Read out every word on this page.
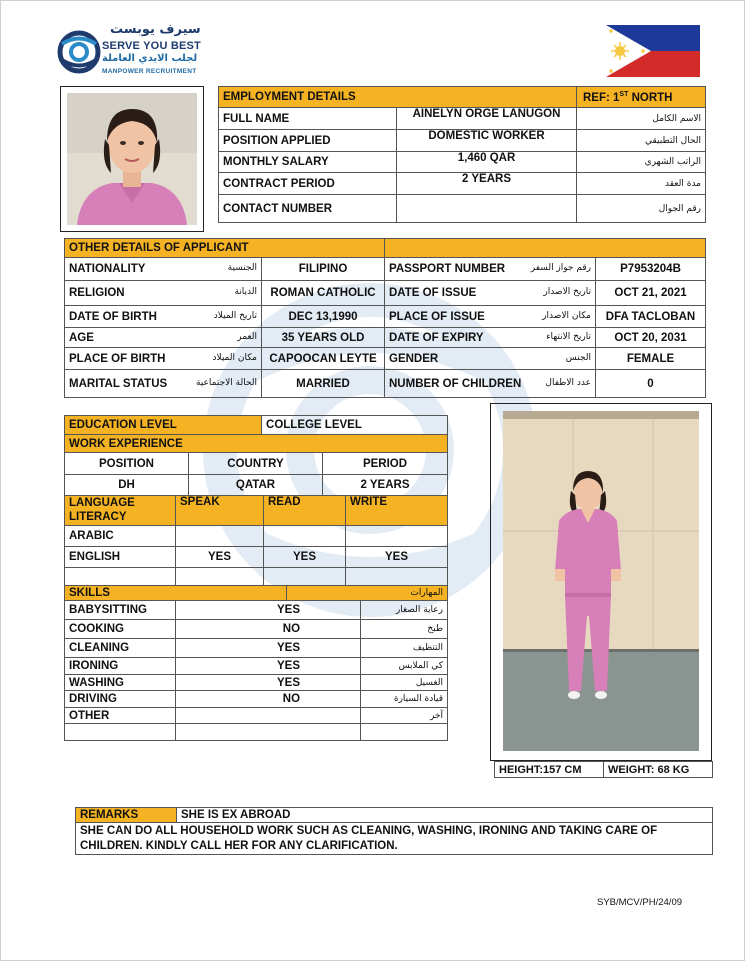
سيرف يوبست
SERVE YOU BEST
لجلب الايدي العاملة
MANPOWER RECRUITMENT
EMPLOYMENT DETAILS		REF: 1ST NORTH
FULL NAME	AINELYN ORGE LANUGON	الاسم الكامل
POSITION APPLIED	DOMESTIC WORKER	الحال التطبيقي
MONTHLY SALARY	1,460 QAR	الراتب الشهري
CONTRACT PERIOD	2 YEARS	مدة العقد
CONTACT NUMBER		رقم الجوال
OTHER DETAILS OF APPLICANT			
NATIONALITY الجنسية	FILIPINO	PASSPORT NUMBER رقم جواز السفر	P7953204B
RELIGION الديانة	ROMAN CATHOLIC	DATE OF ISSUE تاريخ الاصدار	OCT 21, 2021
DATE OF BIRTH تاريخ الميلاد	DEC 13,1990	PLACE OF ISSUE مكان الاصدار	DFA TACLOBAN
AGE العمر	35 YEARS OLD	DATE OF EXPIRY تاريخ الانتهاء	OCT 20, 2031
PLACE OF BIRTH مكان الميلاد	CAPOOCAN LEYTE	GENDER الجنس	FEMALE
MARITAL STATUS الحالة الاجتماعية	MARRIED	NUMBER OF CHILDREN عدد الاطفال	0
EDUCATION LEVEL		COLLEGE LEVEL	
WORK EXPERIENCE			
POSITION	COUNTRY		PERIOD
DH	QATAR		2 YEARS
LANGUAGE LITERACY	SPEAK	READ	WRITE
ARABIC			
ENGLISH	YES	YES	YES

SKILLS		المهارات	
BABYSITTING	YES		رعاية الصغار
COOKING	NO		طبخ
CLEANING	YES		التنظيف
IRONING	YES		كي الملابس
WASHING	YES		الغسيل
DRIVING	NO		قيادة السيارة
OTHER			آخر

HEIGHT:157 CM	WEIGHT: 68 KG
REMARKS	SHE IS EX ABROAD

SHE CAN DO ALL HOUSEHOLD WORK SUCH AS CLEANING, WASHING, IRONING AND TAKING CARE OF
CHILDREN. KINDLY CALL HER FOR ANY CLARIFICATION.
SYB/MCV/PH/24/09
